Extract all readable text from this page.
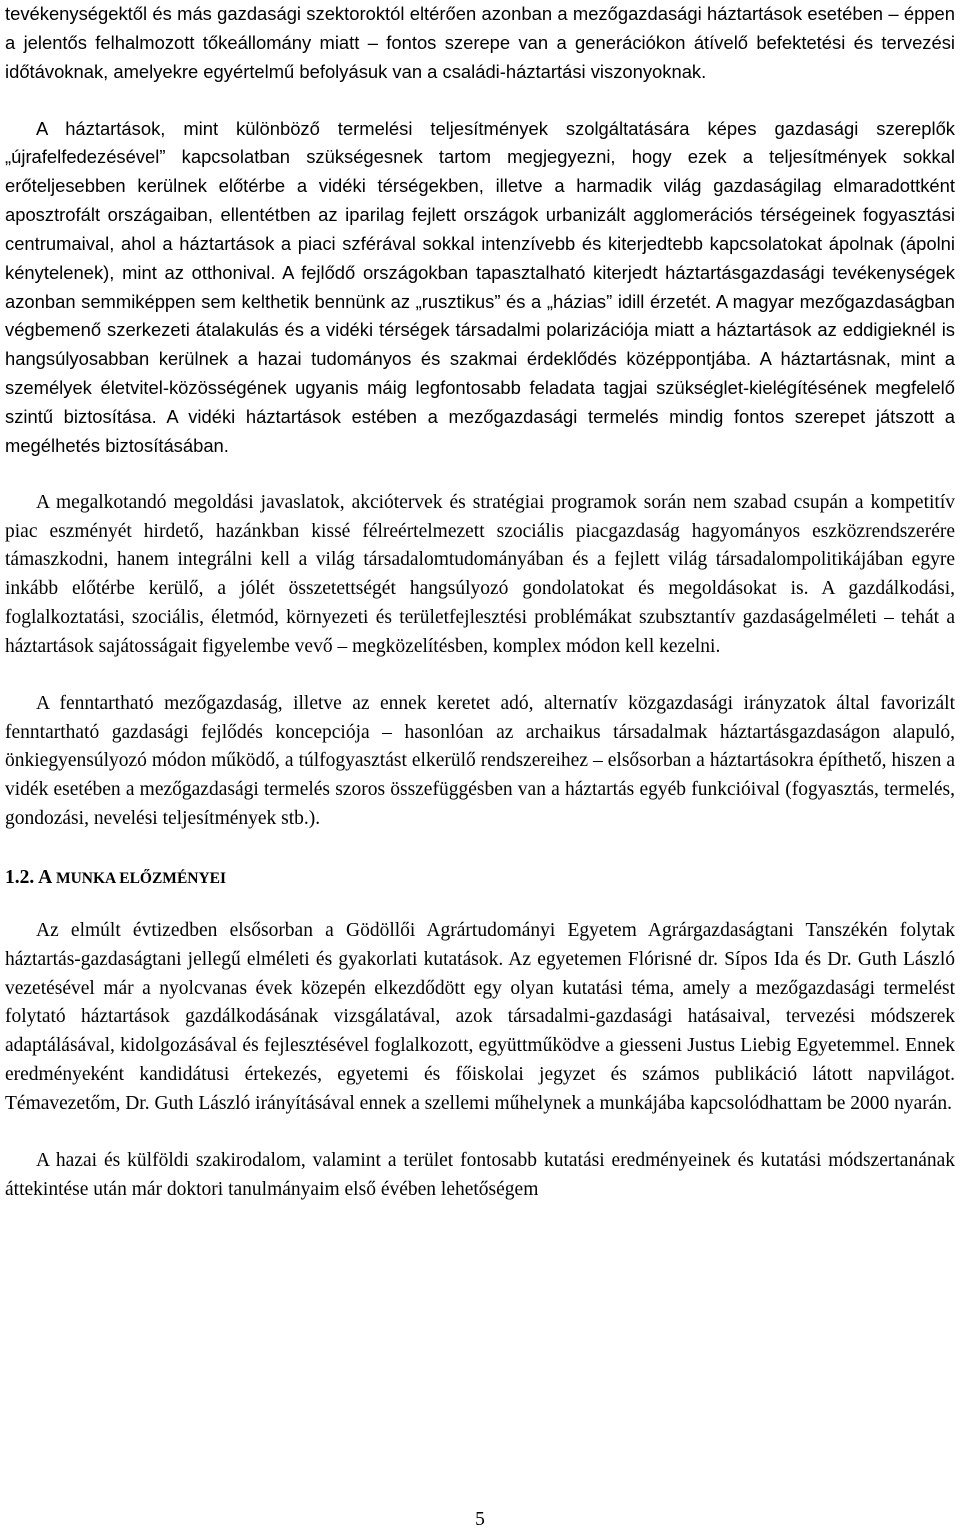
tevékenységektől és más gazdasági szektoroktól eltérően azonban a mezőgazdasági háztartások esetében – éppen a jelentős felhalmozott tőkeállomány miatt – fontos szerepe van a generációkon átívelő befektetési és tervezési időtávoknak, amelyekre egyértelmű befolyásuk van a családi-háztartási viszonyoknak.

A háztartások, mint különböző termelési teljesítmények szolgáltatására képes gazdasági szereplők „újrafelfedezésével” kapcsolatban szükségesnek tartom megjegyezni, hogy ezek a teljesítmények sokkal erőteljesebben kerülnek előtérbe a vidéki térségekben, illetve a harmadik világ gazdaságilag elmaradottként aposztrofált országaiban, ellentétben az iparilag fejlett országok urbanizált agglomerációs térségeinek fogyasztási centrumaival, ahol a háztartások a piaci szférával sokkal intenzívebb és kiterjedtebb kapcsolatokat ápolnak (ápolni kénytelenek), mint az otthonival. A fejlődő országokban tapasztalható kiterjedt háztartásgazdasági tevékenységek azonban semmiképpen sem kelthetik bennünk az „rusztikus” és a „házias” idill érzetét. A magyar mezőgazdaságban végbemenő szerkezeti átalakulás és a vidéki térségek társadalmi polarizációja miatt a háztartások az eddigieknél is hangsúlyosabban kerülnek a hazai tudományos és szakmai érdeklődés középpontjába. A háztartásnak, mint a személyek életvitel-közösségének ugyanis máig legfontosabb feladata tagjai szükséglet-kielégítésének megfelelő szintű biztosítása. A vidéki háztartások estében a mezőgazdasági termelés mindig fontos szerepet játszott a megélhetés biztosításában.

A megalkotandó megoldási javaslatok, akciótervek és stratégiai programok során nem szabad csupán a kompetitív piac eszményét hirdető, hazánkban kissé félreértelmezett szociális piacgazdaság hagyományos eszközrendszerére támaszkodni, hanem integrálni kell a világ társadalomtudományában és a fejlett világ társadalompolitikájában egyre inkább előtérbe kerülő, a jólét összetettségét hangsúlyozó gondolatokat és megoldásokat is. A gazdálkodási, foglalkoztatási, szociális, életmód, környezeti és területfejlesztési problémákat szubsztantív gazdaságelméleti – tehát a háztartások sajátosságait figyelembe vevő – megközelítésben, komplex módon kell kezelni.

A fenntartható mezőgazdaság, illetve az ennek keretet adó, alternatív közgazdasági irányzatok által favorizált fenntartható gazdasági fejlődés koncepciója – hasonlóan az archaikus társadalmak háztartásgazdaságon alapuló, önkiegyensúlyozó módon működő, a túlfogyasztást elkerülő rendszereihez – elsősorban a háztartásokra építhető, hiszen a vidék esetében a mezőgazdasági termelés szoros összefüggésben van a háztartás egyéb funkcióival (fogyasztás, termelés, gondozási, nevelési teljesítmények stb.).

1.2. A MUNKA ELŐZMÉNYEI

Az elmúlt évtizedben elsősorban a Gödöllői Agrártudományi Egyetem Agrárgazdaságtani Tanszékén folytak háztartás-gazdaságtani jellegű elméleti és gyakorlati kutatások. Az egyetemen Flórisné dr. Sípos Ida és Dr. Guth László vezetésével már a nyolcvanas évek közepén elkezdődött egy olyan kutatási téma, amely a mezőgazdasági termelést folytató háztartások gazdálkodásának vizsgálatával, azok társadalmi-gazdasági hatásaival, tervezési módszerek adaptálásával, kidolgozásával és fejlesztésével foglalkozott, együttműködve a giesseni Justus Liebig Egyetemmel. Ennek eredményeként kandidátusi értekezés, egyetemi és főiskolai jegyzet és számos publikáció látott napvilágot. Témavezetőm, Dr. Guth László irányításával ennek a szellemi műhelynek a munkájába kapcsolódhattam be 2000 nyarán.

A hazai és külföldi szakirodalom, valamint a terület fontosabb kutatási eredményeinek és kutatási módszertanának áttekintése után már doktori tanulmányaim első évében lehetőségem

5
